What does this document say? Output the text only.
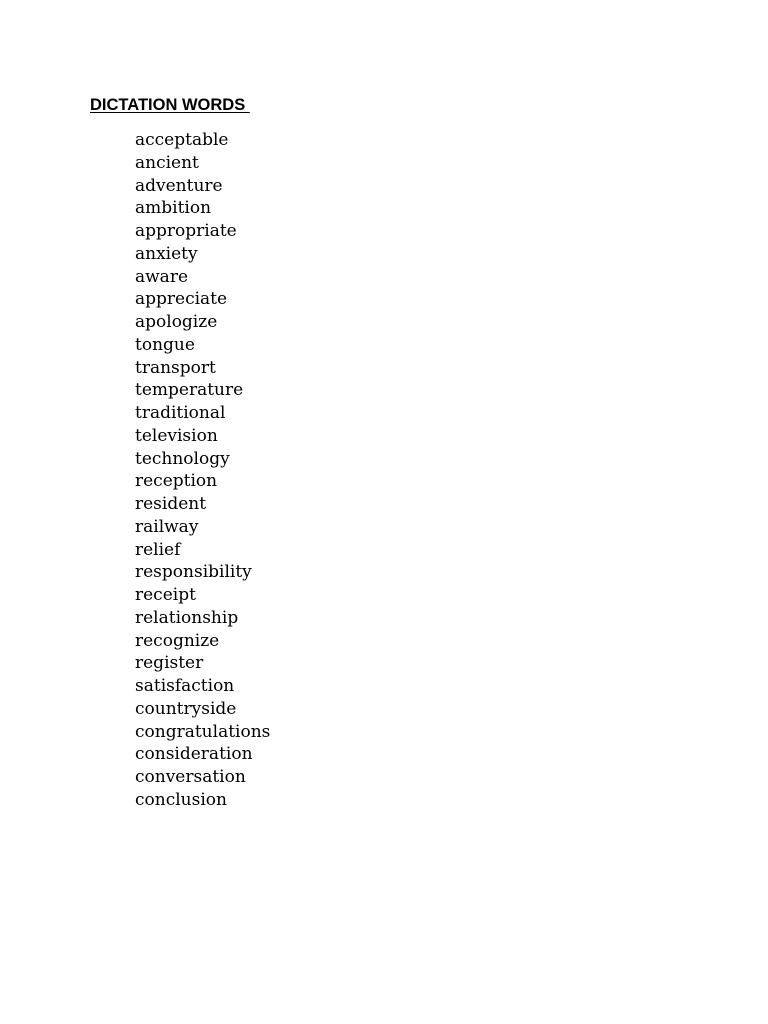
DICTATION WORDS
acceptable
ancient
adventure
ambition
appropriate
anxiety
aware
appreciate
apologize
tongue
transport
temperature
traditional
television
technology
reception
resident
railway
relief
responsibility
receipt
relationship
recognize
register
satisfaction
countryside
congratulations
consideration
conversation
conclusion
